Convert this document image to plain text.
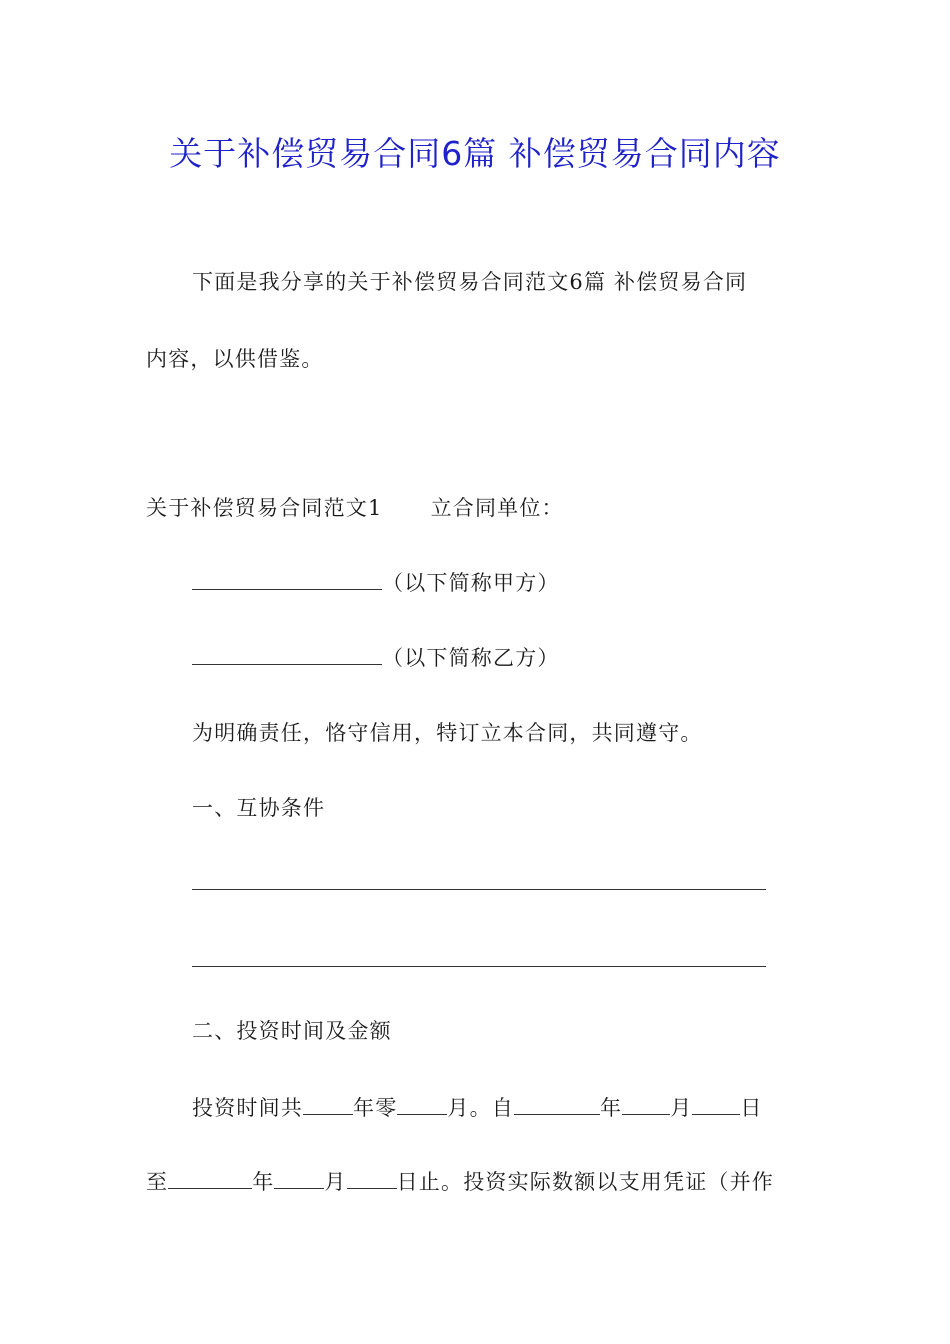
关于补偿贸易合同6篇 补偿贸易合同内容
下面是我分享的关于补偿贸易合同范文6篇 补偿贸易合同
内容，以供借鉴。
关于补偿贸易合同范文1 立合同单位：
（以下简称甲方）
（以下简称乙方）
为明确责任，恪守信用，特订立本合同，共同遵守。
一、互协条件
二、投资时间及金额
投资时间共 年零 月。自	年 月 日
至	年 月 日止。投资实际数额以支用凭证（并作
